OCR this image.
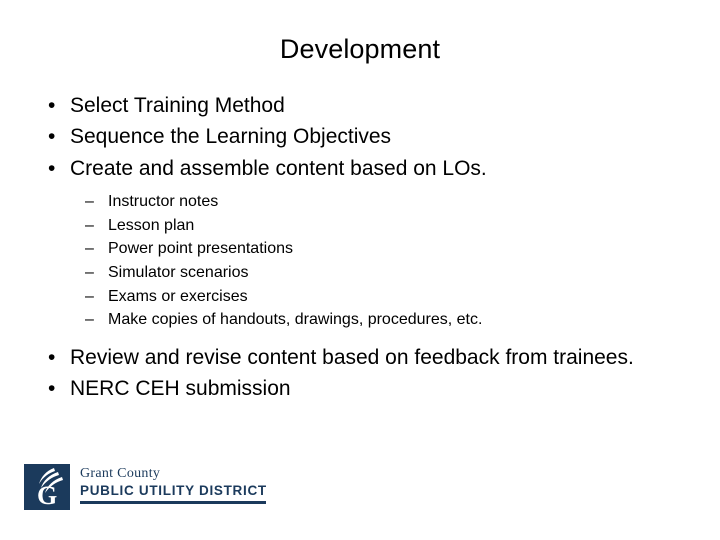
Development
• Select Training Method
• Sequence the Learning Objectives
• Create and assemble content based on LOs.
– Instructor notes
– Lesson plan
– Power point presentations
– Simulator scenarios
– Exams or exercises
– Make copies of handouts, drawings, procedures, etc.
• Review and revise content based on feedback from trainees.
• NERC CEH submission
G
Grant County
PUBLIC UTILITY DISTRICT
